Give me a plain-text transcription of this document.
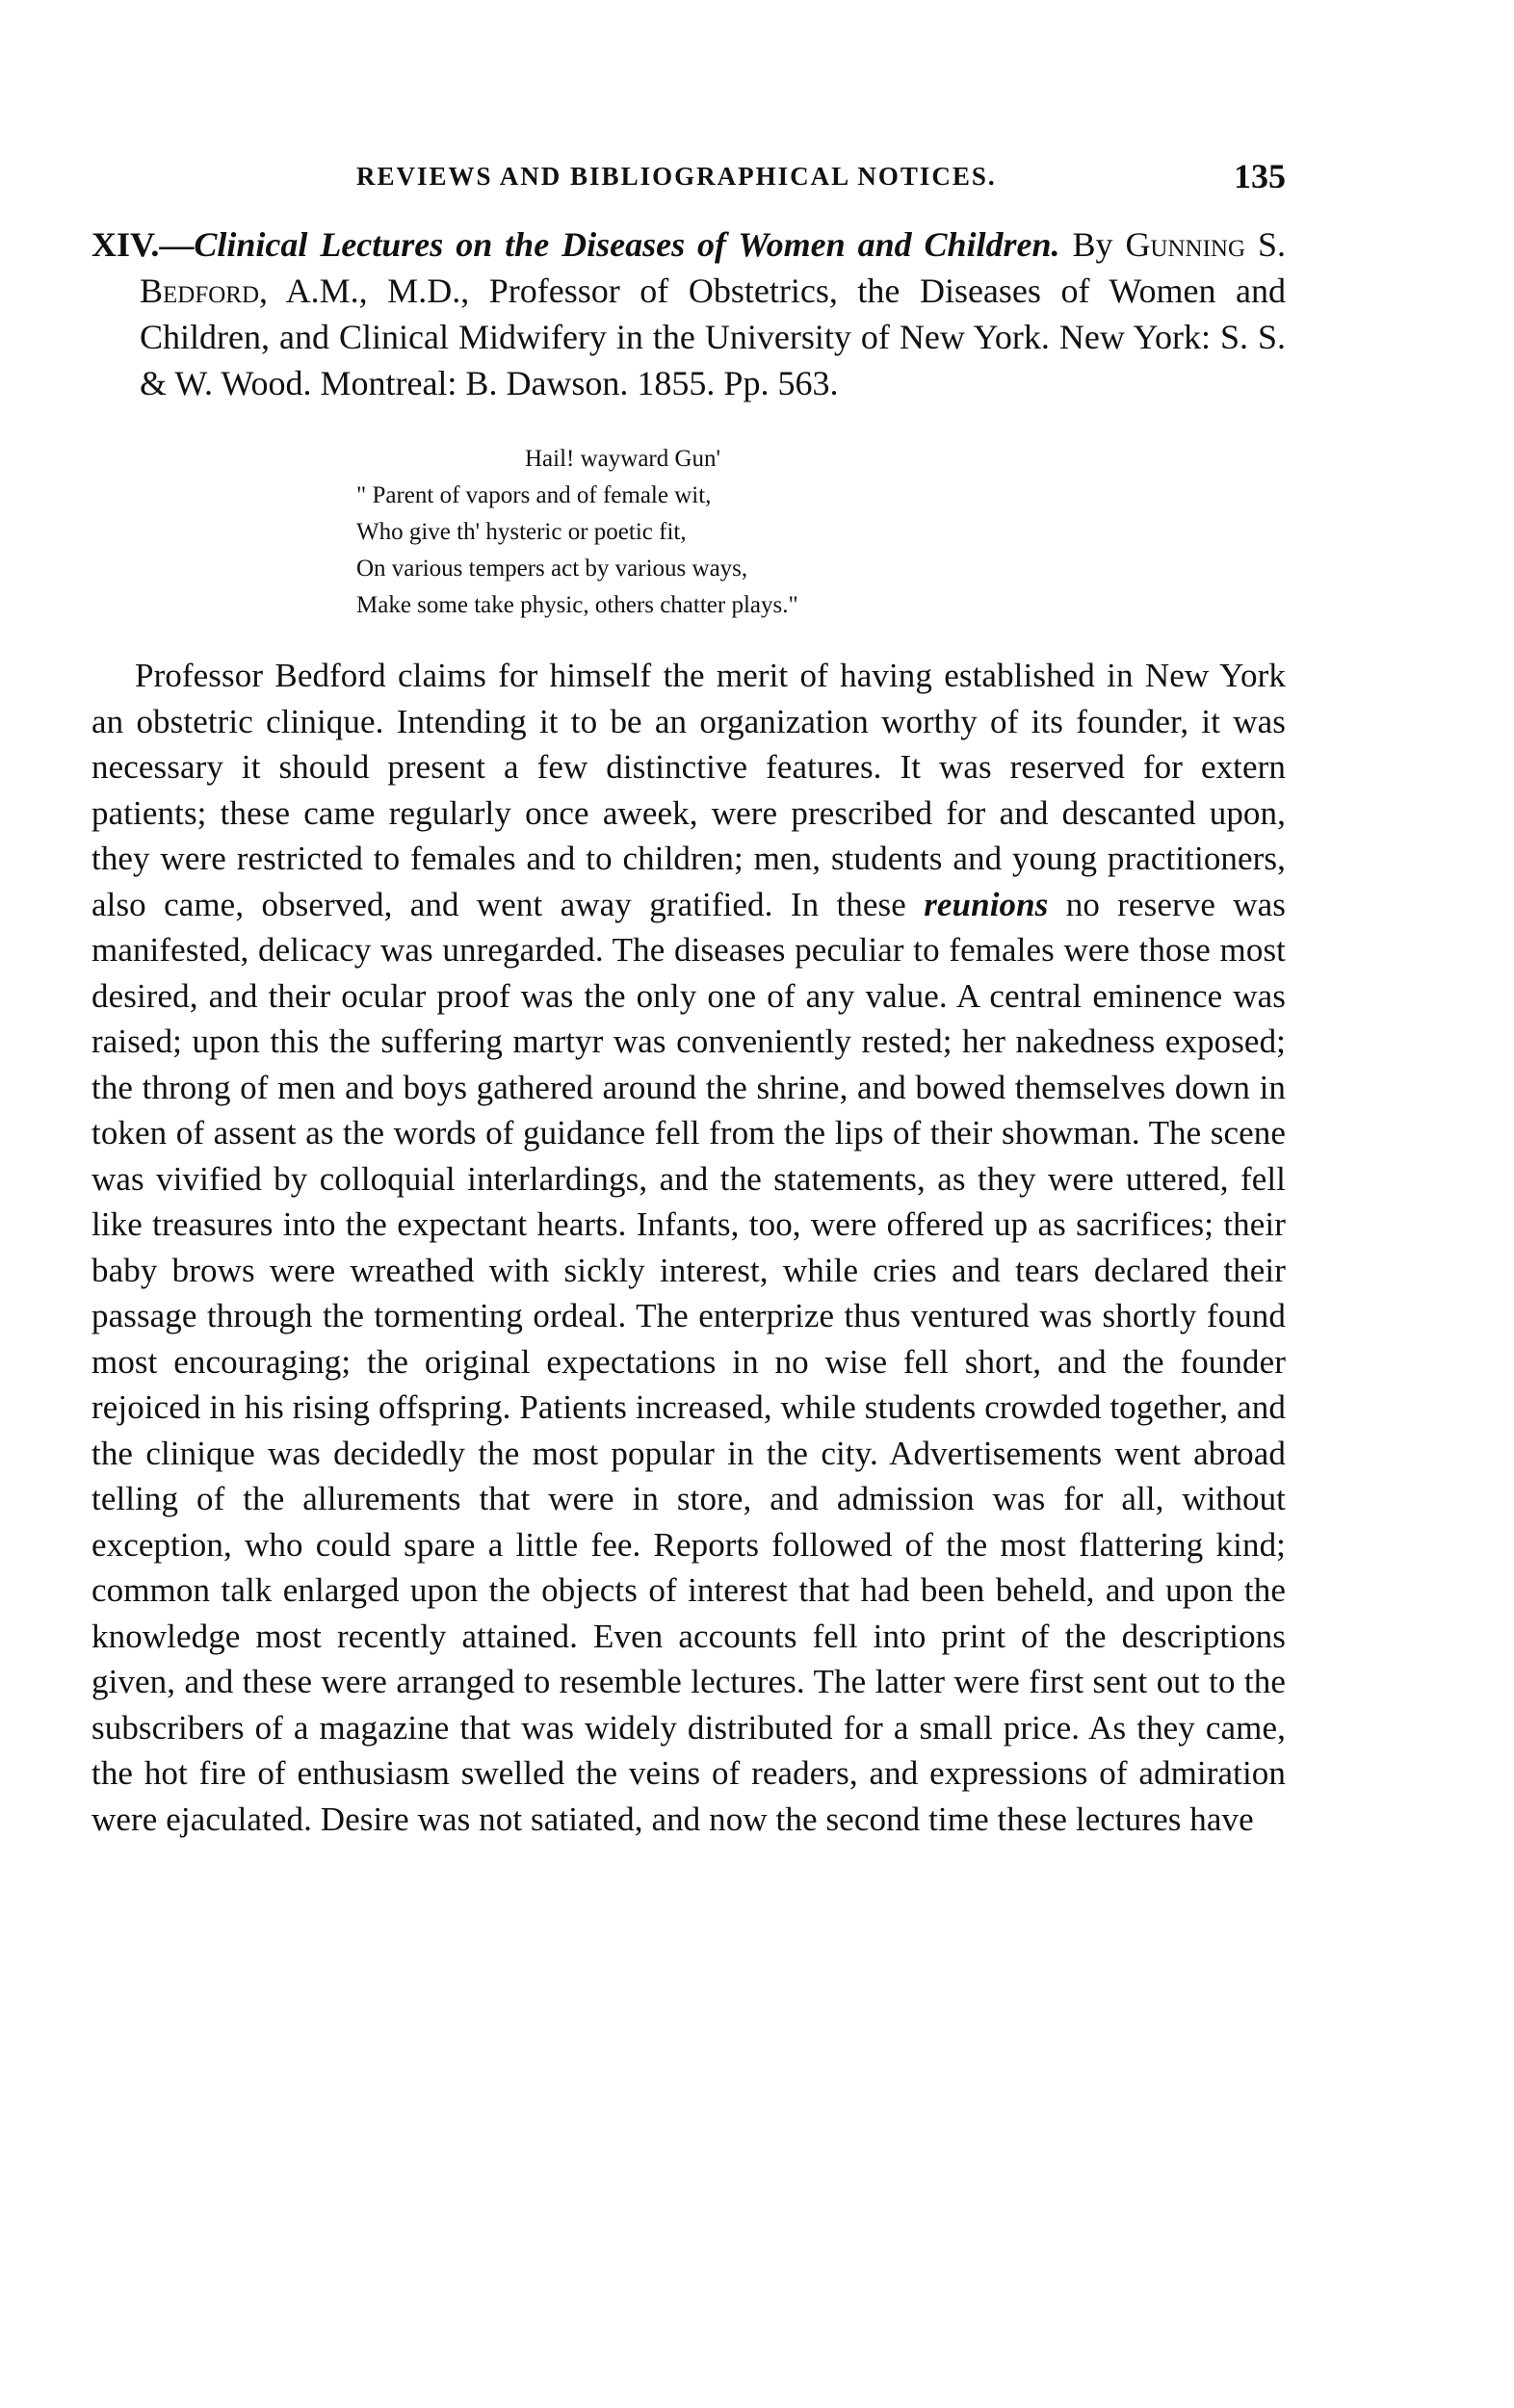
REVIEWS AND BIBLIOGRAPHICAL NOTICES.	135

XIV.—Clinical Lectures on the Diseases of Women and Children. By Gunning S. Bedford, A.M., M.D., Professor of Obstetrics, the Diseases of Women and Children, and Clinical Midwifery in the University of New York. New York: S. S. & W. Wood. Montreal: B. Dawson. 1855. Pp. 563.

Hail! wayward Gun'
" Parent of vapors and of female wit,
Who give th' hysteric or poetic fit,
On various tempers act by various ways,
Make some take physic, others chatter plays."

Professor Bedford claims for himself the merit of having established in New York an obstetric clinique. Intending it to be an organization worthy of its founder, it was necessary it should present a few distinctive features. It was reserved for extern patients; these came regularly once aweek, were prescribed for and descanted upon, they were restricted to females and to children; men, students and young practitioners, also came, observed, and went away gratified. In these reunions no reserve was manifested, delicacy was unregarded. The diseases peculiar to females were those most desired, and their ocular proof was the only one of any value. A central eminence was raised; upon this the suffering martyr was conveniently rested; her nakedness exposed; the throng of men and boys gathered around the shrine, and bowed themselves down in token of assent as the words of guidance fell from the lips of their showman. The scene was vivified by colloquial interlardings, and the statements, as they were uttered, fell like treasures into the expectant hearts. Infants, too, were offered up as sacrifices; their baby brows were wreathed with sickly interest, while cries and tears declared their passage through the tormenting ordeal. The enterprize thus ventured was shortly found most encouraging; the original expectations in no wise fell short, and the founder rejoiced in his rising offspring. Patients increased, while students crowded together, and the clinique was decidedly the most popular in the city. Advertisements went abroad telling of the allurements that were in store, and admission was for all, without exception, who could spare a little fee. Reports followed of the most flattering kind; common talk enlarged upon the objects of interest that had been beheld, and upon the knowledge most recently attained. Even accounts fell into print of the descriptions given, and these were arranged to resemble lectures. The latter were first sent out to the subscribers of a magazine that was widely distributed for a small price. As they came, the hot fire of enthusiasm swelled the veins of readers, and expressions of admiration were ejaculated. Desire was not satiated, and now the second time these lectures have
